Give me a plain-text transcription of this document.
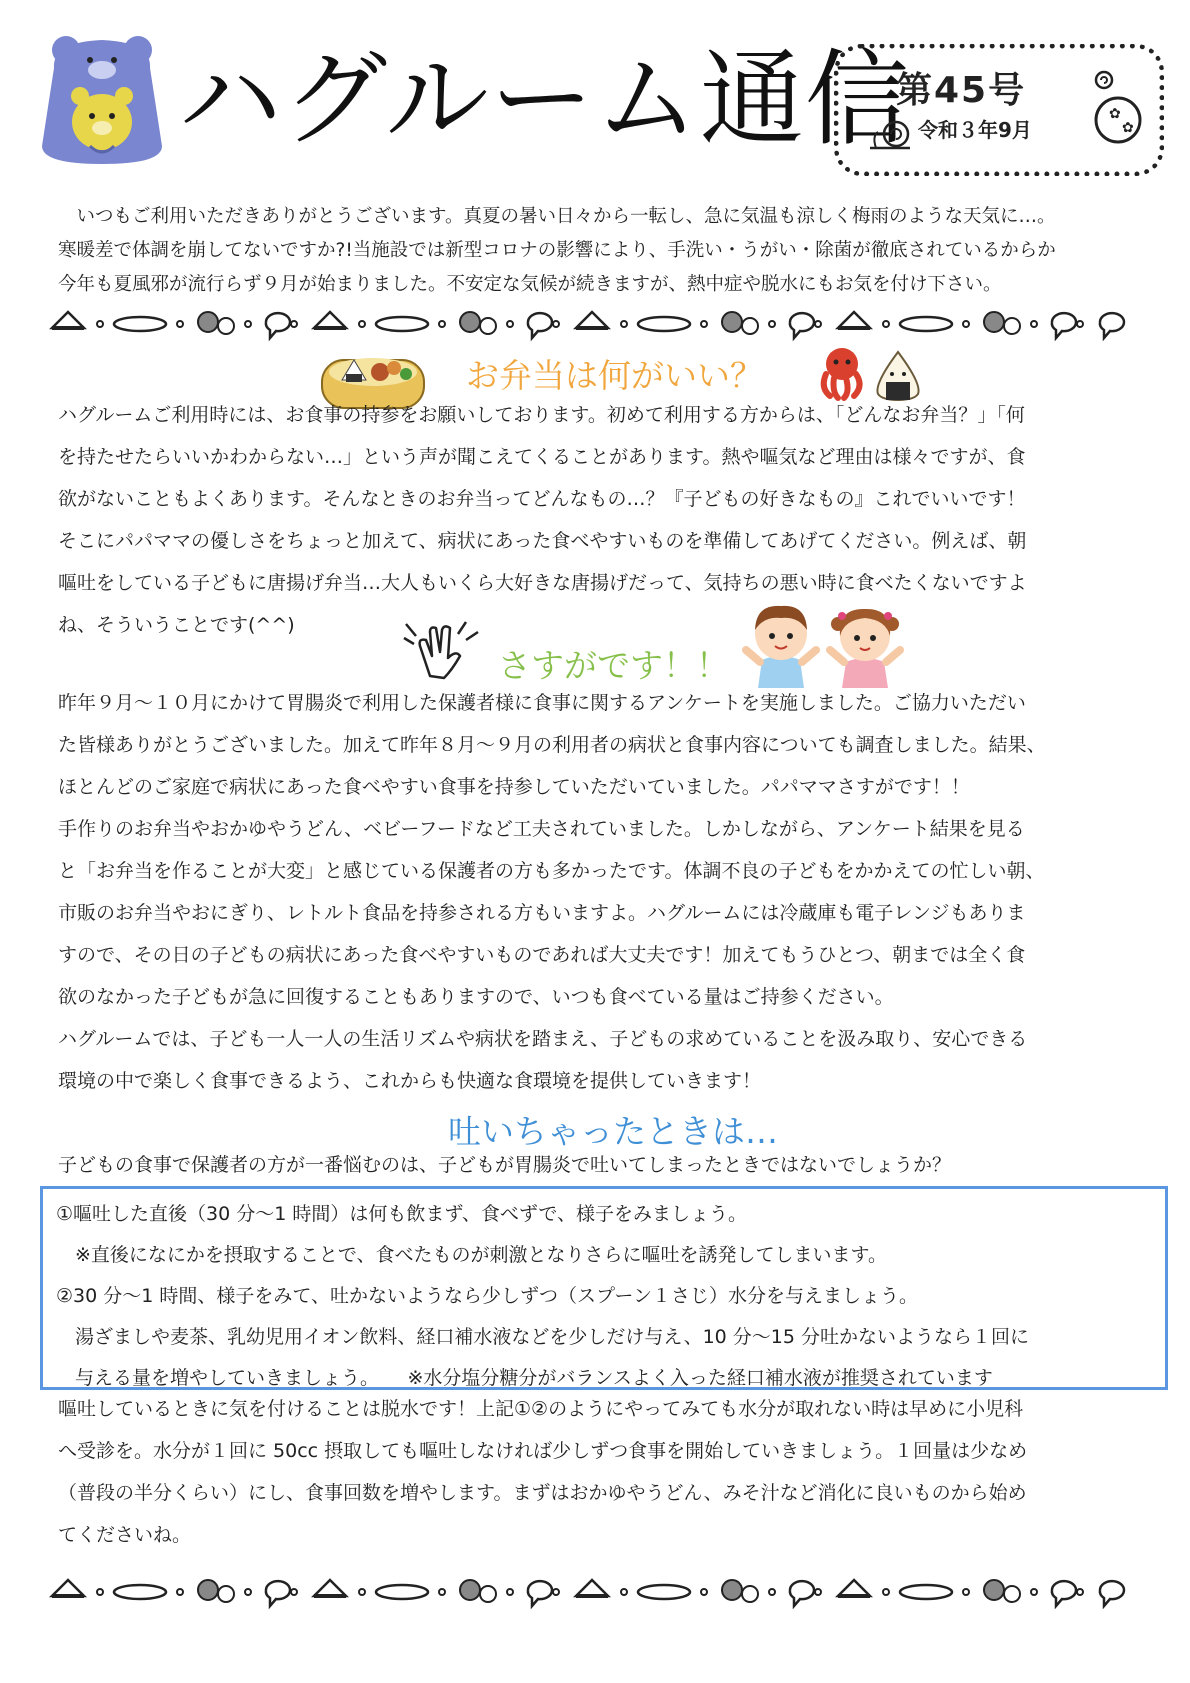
ハグルーム通信
第45号
令和３年9月
✿
✿
　いつもご利用いただきありがとうございます。真夏の暑い日々から一転し、急に気温も涼しく梅雨のような天気に…。
寒暖差で体調を崩してないですか?!当施設では新型コロナの影響により、手洗い・うがい・除菌が徹底されているからか
今年も夏風邪が流行らず９月が始まりました。不安定な気候が続きますが、熱中症や脱水にもお気を付け下さい。
お弁当は何がいい？
ハグルームご利用時には、お食事の持参をお願いしております。初めて利用する方からは、「どんなお弁当？」「何
を持たせたらいいかわからない…」という声が聞こえてくることがあります。熱や嘔気など理由は様々ですが、食
欲がないこともよくあります。そんなときのお弁当ってどんなもの…？『子どもの好きなもの』これでいいです！
そこにパパママの優しさをちょっと加えて、病状にあった食べやすいものを準備してあげてください。例えば、朝
嘔吐をしている子どもに唐揚げ弁当…大人もいくら大好きな唐揚げだって、気持ちの悪い時に食べたくないですよ
ね、そういうことです(^^)
さすがです！！
昨年９月～１０月にかけて胃腸炎で利用した保護者様に食事に関するアンケートを実施しました。ご協力いただい
た皆様ありがとうございました。加えて昨年８月～９月の利用者の病状と食事内容についても調査しました。結果、
ほとんどのご家庭で病状にあった食べやすい食事を持参していただいていました。パパママさすがです！！
手作りのお弁当やおかゆやうどん、ベビーフードなど工夫されていました。しかしながら、アンケート結果を見る
と「お弁当を作ることが大変」と感じている保護者の方も多かったです。体調不良の子どもをかかえての忙しい朝、
市販のお弁当やおにぎり、レトルト食品を持参される方もいますよ。ハグルームには冷蔵庫も電子レンジもありま
すので、その日の子どもの病状にあった食べやすいものであれば大丈夫です！加えてもうひとつ、朝までは全く食
欲のなかった子どもが急に回復することもありますので、いつも食べている量はご持参ください。
ハグルームでは、子ども一人一人の生活リズムや病状を踏まえ、子どもの求めていることを汲み取り、安心できる
環境の中で楽しく食事できるよう、これからも快適な食環境を提供していきます！
吐いちゃったときは…
子どもの食事で保護者の方が一番悩むのは、子どもが胃腸炎で吐いてしまったときではないでしょうか？
①嘔吐した直後（30 分～1 時間）は何も飲まず、食べずで、様子をみましょう。
　※直後になにかを摂取することで、食べたものが刺激となりさらに嘔吐を誘発してしまいます。
②30 分～1 時間、様子をみて、吐かないようなら少しずつ（スプーン１さじ）水分を与えましょう。
　湯ざましや麦茶、乳幼児用イオン飲料、経口補水液などを少しだけ与え、10 分～15 分吐かないようなら１回に
　与える量を増やしていきましょう。　　※水分塩分糖分がバランスよく入った経口補水液が推奨されています
嘔吐しているときに気を付けることは脱水です！上記①②のようにやってみても水分が取れない時は早めに小児科
へ受診を。水分が１回に 50cc 摂取しても嘔吐しなければ少しずつ食事を開始していきましょう。１回量は少なめ
（普段の半分くらい）にし、食事回数を増やします。まずはおかゆやうどん、みそ汁など消化に良いものから始め
てくださいね。
